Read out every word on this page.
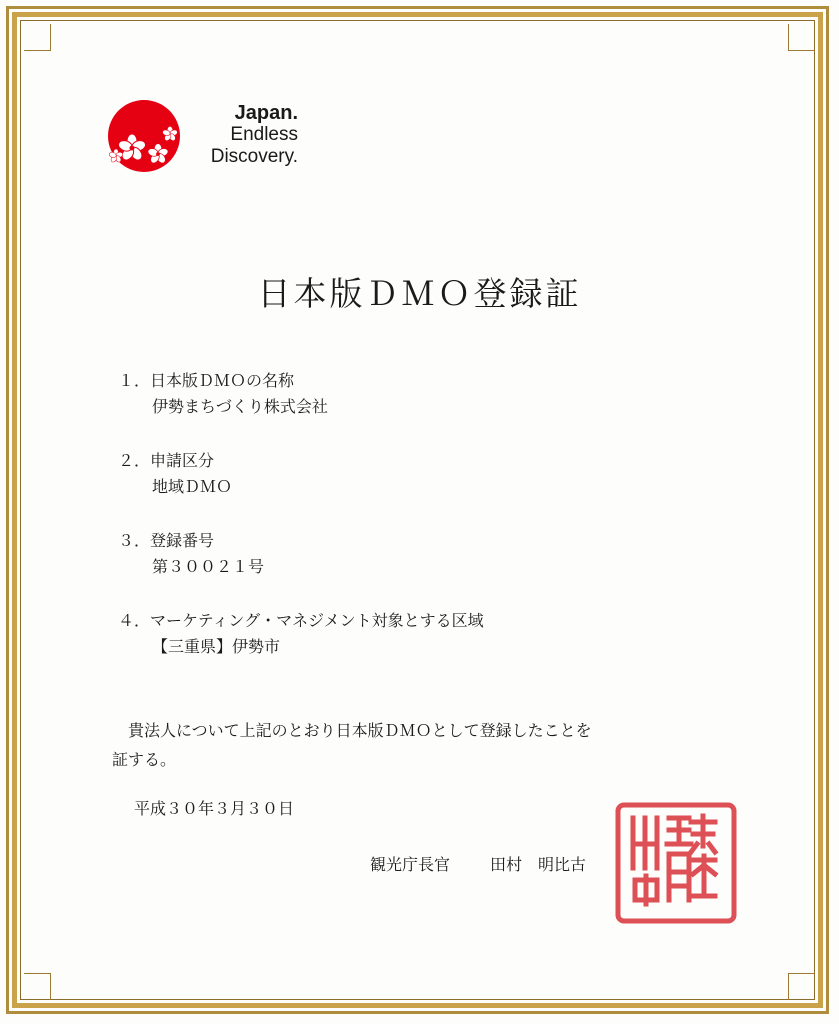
Japan.
Endless
Discovery.
日本版ＤＭＯ登録証
１．日本版ＤＭＯの名称
伊勢まちづくり株式会社
２．申請区分
地域ＤＭＯ
３．登録番号
第３００２１号
４．マーケティング・マネジメント対象とする区域
【三重県】伊勢市
貴法人について上記のとおり日本版ＤＭＯとして登録したことを
証する。
平成３０年３月３０日
観光庁長官	田村　明比古
